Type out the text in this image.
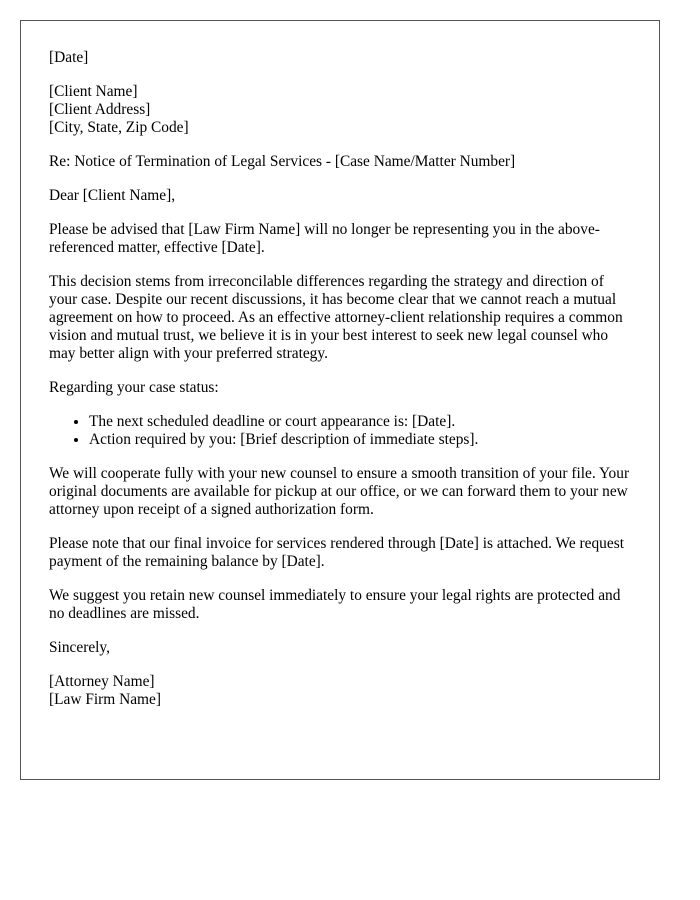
[Date]
[Client Name]
[Client Address]
[City, State, Zip Code]
Re: Notice of Termination of Legal Services - [Case Name/Matter Number]
Dear [Client Name],

Please be advised that [Law Firm Name] will no longer be representing you in the above-referenced matter, effective [Date].

This decision stems from irreconcilable differences regarding the strategy and direction of your case. Despite our recent discussions, it has become clear that we cannot reach a mutual agreement on how to proceed. As an effective attorney-client relationship requires a common vision and mutual trust, we believe it is in your best interest to seek new legal counsel who may better align with your preferred strategy.

Regarding your case status:

• The next scheduled deadline or court appearance is: [Date].
• Action required by you: [Brief description of immediate steps].

We will cooperate fully with your new counsel to ensure a smooth transition of your file. Your original documents are available for pickup at our office, or we can forward them to your new attorney upon receipt of a signed authorization form.

Please note that our final invoice for services rendered through [Date] is attached. We request payment of the remaining balance by [Date].

We suggest you retain new counsel immediately to ensure your legal rights are protected and no deadlines are missed.

Sincerely,
[Attorney Name]
[Law Firm Name]
